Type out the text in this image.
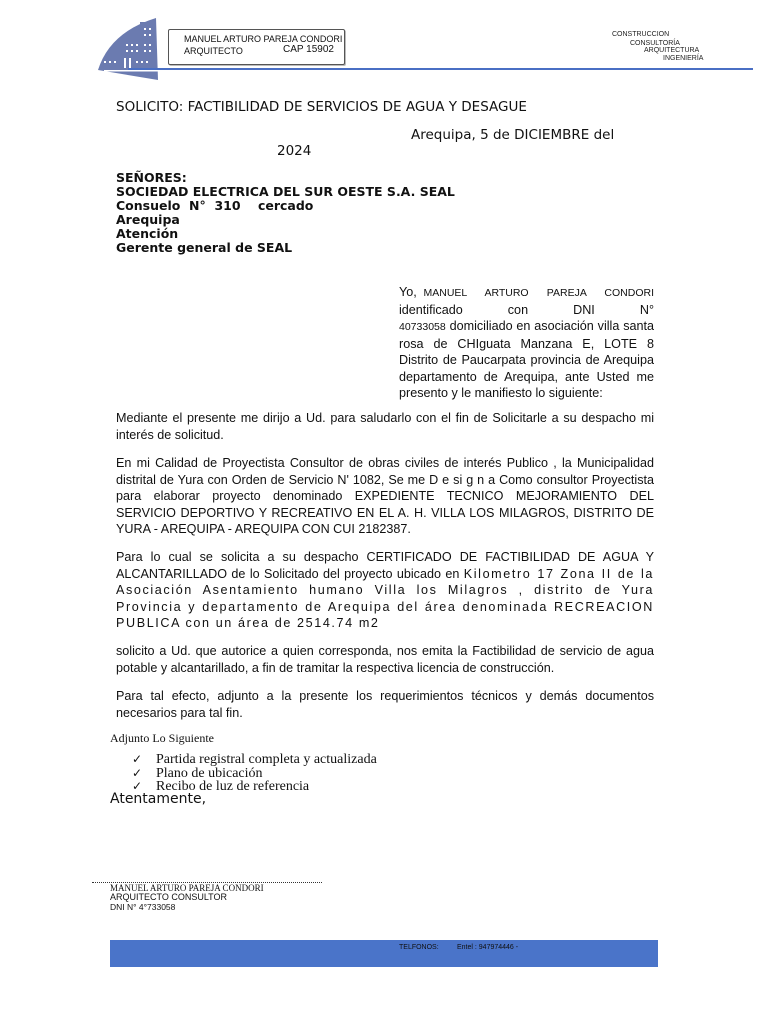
MANUEL ARTURO PAREJA CONDORI
ARQUITECTO	CAP 15902
CONSTRUCCION
CONSULTORÍA
ARQUITECTURA
INGENIERÍA
SOLICITO: FACTIBILIDAD DE SERVICIOS DE AGUA Y DESAGUE
Arequipa, 5 de DICIEMBRE del
2024
SEÑORES:
SOCIEDAD ELECTRICA DEL SUR OESTE S.A. SEAL
Consuelo  N°  310    cercado
Arequipa
Atención
Gerente general de SEAL
Yo, MANUEL ARTURO PAREJA CONDORI identificado con DNI N° 40733058 domiciliado en asociación villa santa rosa de CHIguata Manzana E, LOTE 8 Distrito de Paucarpata provincia de Arequipa departamento de Arequipa, ante Usted me presento y le manifiesto lo siguiente:
Mediante el presente me dirijo a Ud. para saludarlo con el fin de Solicitarle a su despacho mi interés de solicitud.
En mi Calidad de Proyectista Consultor de obras civiles de interés Publico , la Municipalidad distrital de Yura con Orden de Servicio N' 1082, Se me D e si g n a Como consultor Proyectista para elaborar proyecto denominado EXPEDIENTE TECNICO MEJORAMIENTO DEL SERVICIO DEPORTIVO Y RECREATIVO EN EL A. H. VILLA LOS MILAGROS, DISTRITO DE YURA - AREQUIPA - AREQUIPA CON CUI 2182387.
Para lo cual se solicita a su despacho CERTIFICADO DE FACTIBILIDAD DE AGUA Y ALCANTARILLADO de lo Solicitado del proyecto ubicado en Kilometro 17 Zona II de la Asociación Asentamiento humano Villa los Milagros , distrito de Yura Provincia y departamento de Arequipa del área denominada RECREACION PUBLICA con un área de 2514.74 m2
solicito a Ud. que autorice a quien corresponda, nos emita la Factibilidad de servicio de agua potable y alcantarillado, a fin de tramitar la respectiva licencia de construcción.
Para tal efecto, adjunto a la presente los requerimientos técnicos y demás documentos necesarios para tal fin.
Adjunto Lo Siguiente
✓ Partida registral completa y actualizada
✓ Plano de ubicación
✓ Recibo de luz de referencia
Atentamente,
MANUEL ARTURO PAREJA CONDORI
ARQUITECTO CONSULTOR
DNI N° 4°733058
TELFONOS:	Entel : 947974446 -
